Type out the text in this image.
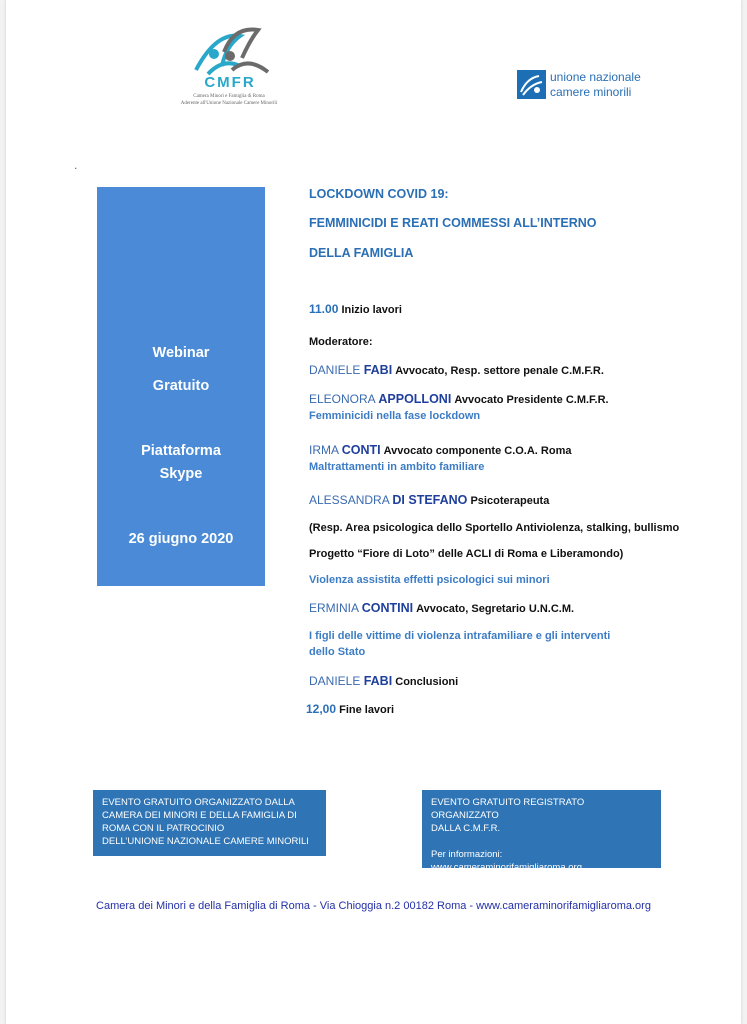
CMFR
Camera Minori e Famiglia di Roma
Aderente all'Unione Nazionale Camere Minorili
unione nazionale
camere minorili
.
Webinar
Gratuito
Piattaforma
Skype
26 giugno 2020
LOCKDOWN COVID 19:
FEMMINICIDI E REATI COMMESSI ALL’INTERNO
DELLA FAMIGLIA
11.00 Inizio lavori
Moderatore:
DANIELE FABI Avvocato, Resp. settore penale C.M.F.R.
ELEONORA APPOLLONI Avvocato Presidente C.M.F.R.
Femminicidi nella fase lockdown
IRMA CONTI Avvocato componente C.O.A. Roma
Maltrattamenti in ambito familiare
ALESSANDRA DI STEFANO Psicoterapeuta
(Resp. Area psicologica dello Sportello Antiviolenza, stalking, bullismo
Progetto “Fiore di Loto” delle ACLI di Roma e Liberamondo)
Violenza assistita effetti psicologici sui minori
ERMINIA CONTINI Avvocato, Segretario U.N.C.M.
I figli delle vittime di violenza intrafamiliare e gli interventi
dello Stato
DANIELE FABI Conclusioni
12,00 Fine lavori

EVENTO GRATUITO ORGANIZZATO DALLA

CAMERA DEI MINORI E DELLA FAMIGLIA DI

ROMA CON IL PATROCINIO

DELL’UNIONE NAZIONALE CAMERE MINORILI

EVENTO GRATUITO REGISTRATO ORGANIZZATO

DALLA C.M.F.R.

Per informazioni:

www.cameraminorifamigliaroma.org

Camera dei Minori e della Famiglia di Roma - Via Chioggia n.2 00182 Roma - www.cameraminorifamigliaroma.org
